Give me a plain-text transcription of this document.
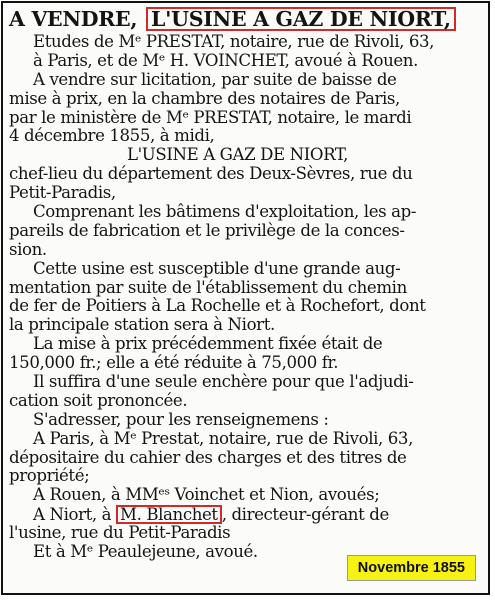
A VENDRE, L'USINE A GAZ DE NIORT,
Etudes de Mᵉ PRESTAT, notaire, rue de Rivoli, 63,
à Paris, et de Mᵉ H. VOINCHET, avoué à Rouen.
A vendre sur licitation, par suite de baisse de
mise à prix, en la chambre des notaires de Paris,
par le ministère de Mᵉ PRESTAT, notaire, le mardi
4 décembre 1855, à midi,
L'USINE A GAZ DE NIORT,
chef-lieu du département des Deux-Sèvres, rue du
Petit-Paradis,
Comprenant les bâtimens d'exploitation, les ap-
pareils de fabrication et le privilège de la conces-
sion.
Cette usine est susceptible d'une grande aug-
mentation par suite de l'établissement du chemin
de fer de Poitiers à La Rochelle et à Rochefort, dont
la principale station sera à Niort.
La mise à prix précédemment fixée était de
150,000 fr.; elle a été réduite à 75,000 fr.
Il suffira d'une seule enchère pour que l'adjudi-
cation soit prononcée.
S'adresser, pour les renseignemens :
A Paris, à Mᵉ Prestat, notaire, rue de Rivoli, 63,
dépositaire du cahier des charges et des titres de
propriété;
A Rouen, à MMᵉˢ Voinchet et Nion, avoués;
A Niort, à M. Blanchet , directeur-gérant de
l'usine, rue du Petit-Paradis
Et à Mᵉ Peaulejeune, avoué.
Novembre 1855
